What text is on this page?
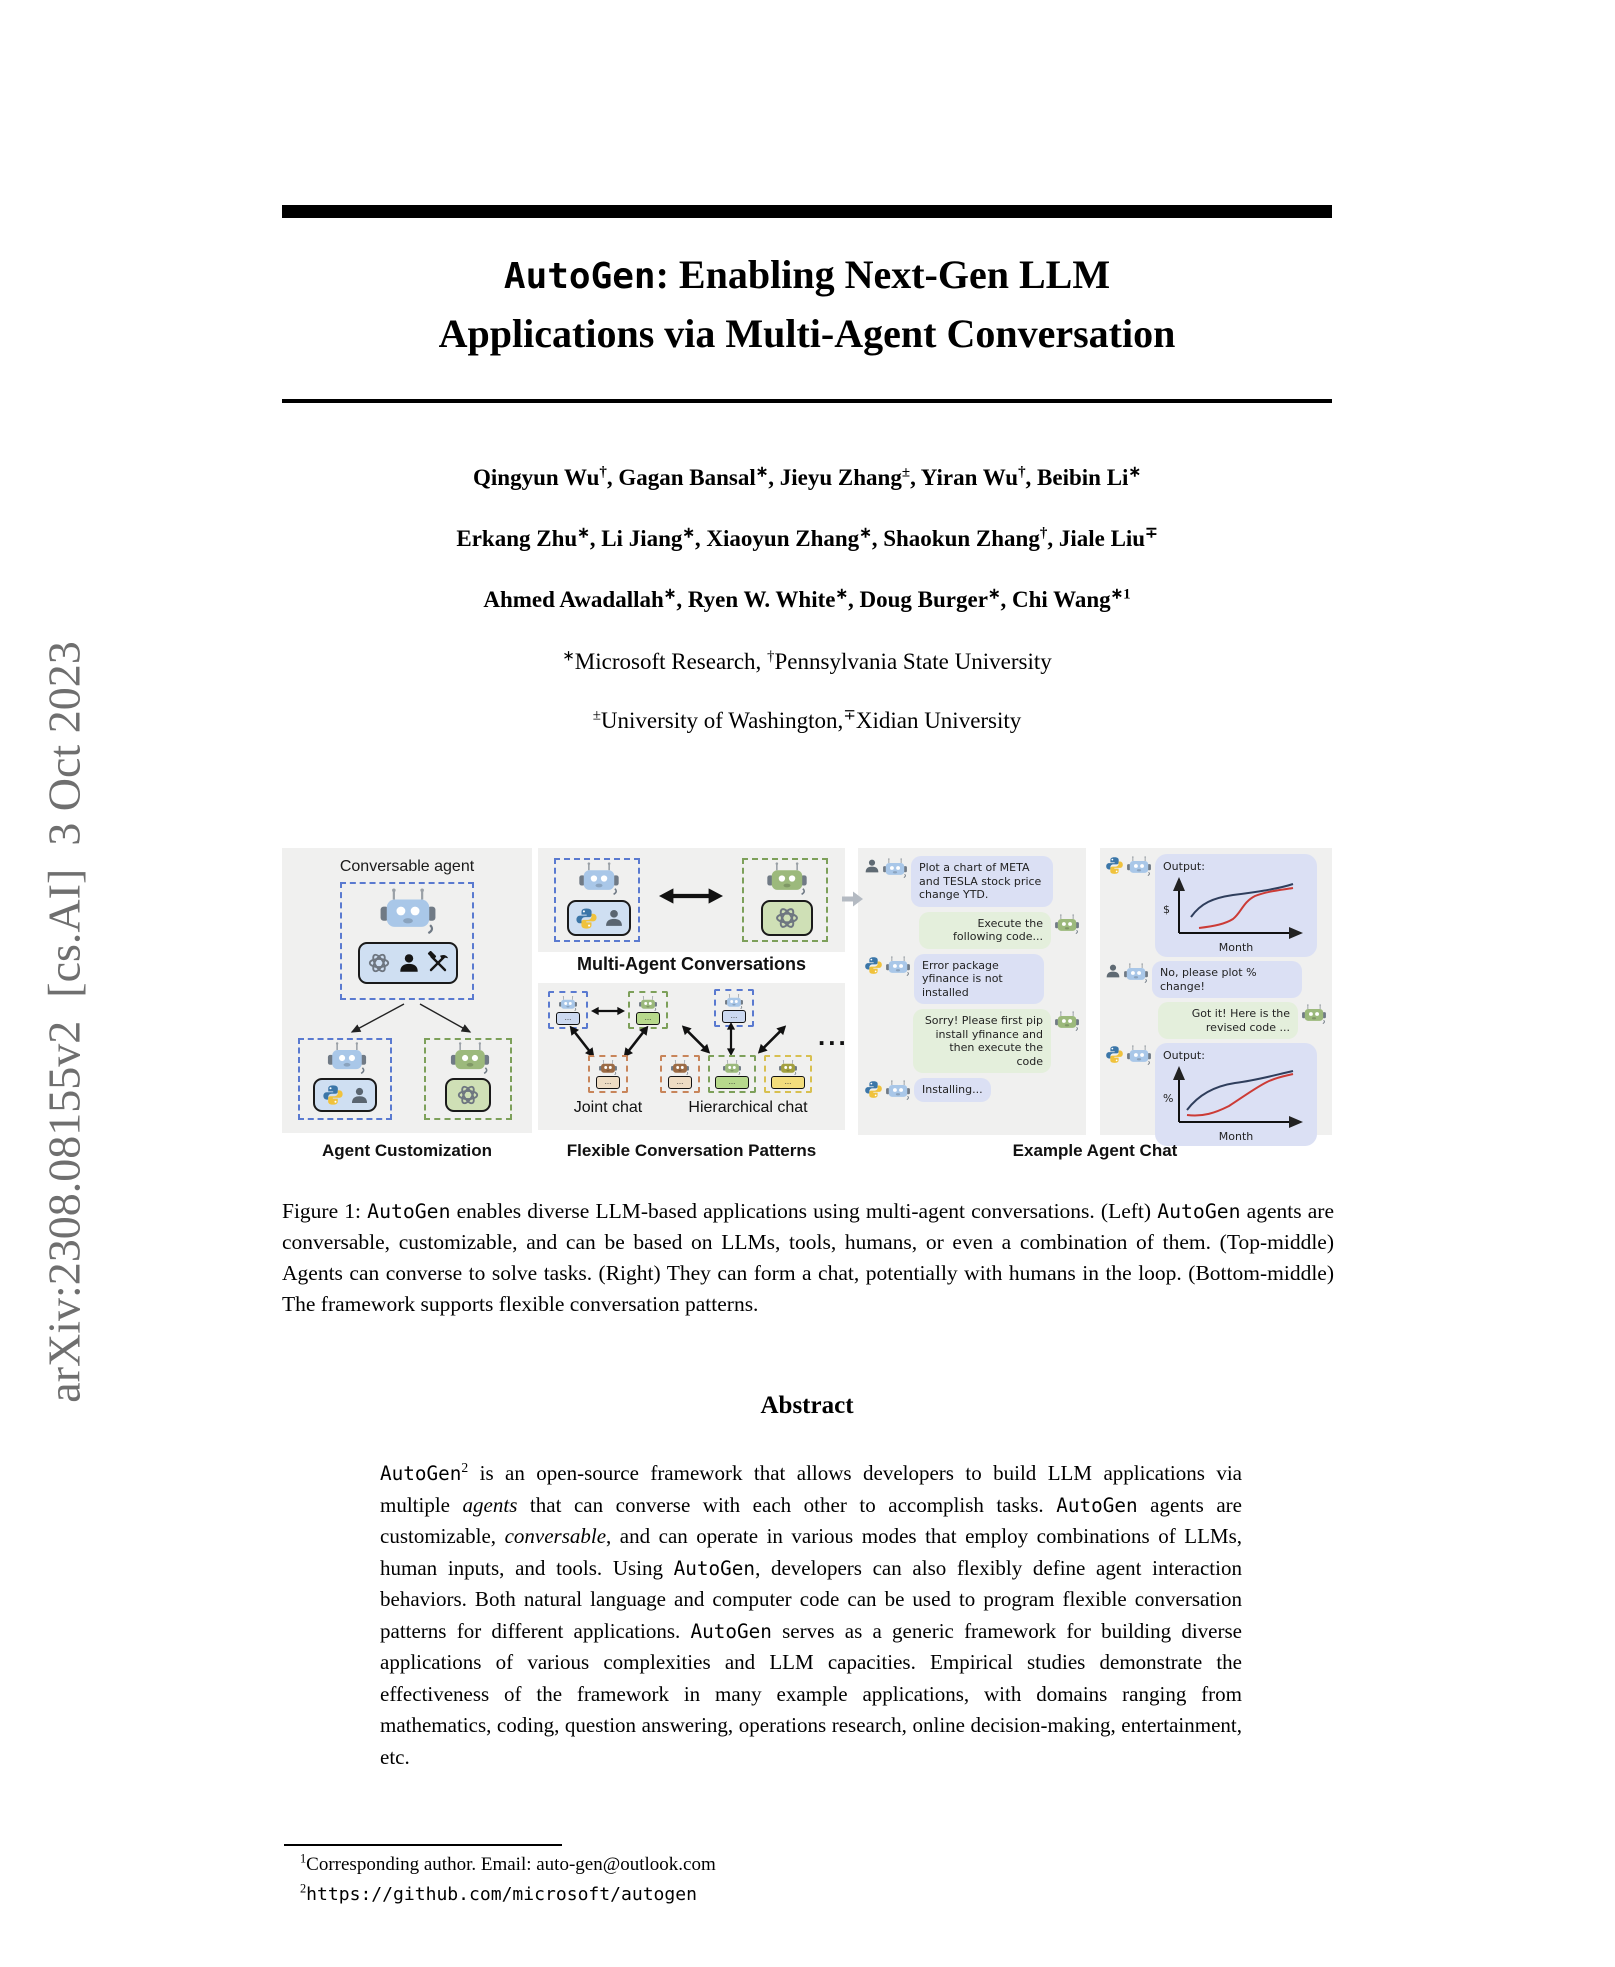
arXiv:2308.08155v2  [cs.AI]  3 Oct 2023
AutoGen: Enabling Next-Gen LLM
Applications via Multi-Agent Conversation
Qingyun Wu†, Gagan Bansal∗, Jieyu Zhang±, Yiran Wu†, Beibin Li∗
Erkang Zhu∗, Li Jiang∗, Xiaoyun Zhang∗, Shaokun Zhang†, Jiale Liu∓
Ahmed Awadallah∗, Ryen W. White∗, Doug Burger∗, Chi Wang$^{∗1}$
∗Microsoft Research, †Pennsylvania State University
±University of Washington,∓Xidian University
Conversable agent
Multi-Agent Conversations
...	...
...
Joint chat
...
...	...	...
Hierarchical chat
...
Plot a chart of META and TESLA stock price change YTD.
Execute the following code...
Error package yfinance is not installed
Sorry! Please first pip install yfinance and then execute the code
Installing...
Output:
$
Month
No, please plot % change!
Got it! Here is the revised code ...
Output:
%
Month
Agent Customization	Flexible Conversation Patterns	Example Agent Chat
Figure 1: AutoGen enables diverse LLM-based applications using multi-agent conversations. (Left) AutoGen agents are conversable, customizable, and can be based on LLMs, tools, humans, or even a combination of them. (Top-middle) Agents can converse to solve tasks. (Right) They can form a chat, potentially with humans in the loop. (Bottom-middle) The framework supports flexible conversation patterns.
Abstract
AutoGen$^2$ is an open-source framework that allows developers to build LLM applications via multiple agents that can converse with each other to accomplish tasks. AutoGen agents are customizable, conversable, and can operate in various modes that employ combinations of LLMs, human inputs, and tools. Using AutoGen, developers can also flexibly define agent interaction behaviors. Both natural language and computer code can be used to program flexible conversation patterns for different applications. AutoGen serves as a generic framework for building diverse applications of various complexities and LLM capacities. Empirical studies demonstrate the effectiveness of the framework in many example applications, with domains ranging from mathematics, coding, question answering, operations research, online decision-making, entertainment, etc.
$^1$Corresponding author. Email: auto-gen@outlook.com
$^2$https://github.com/microsoft/autogen
